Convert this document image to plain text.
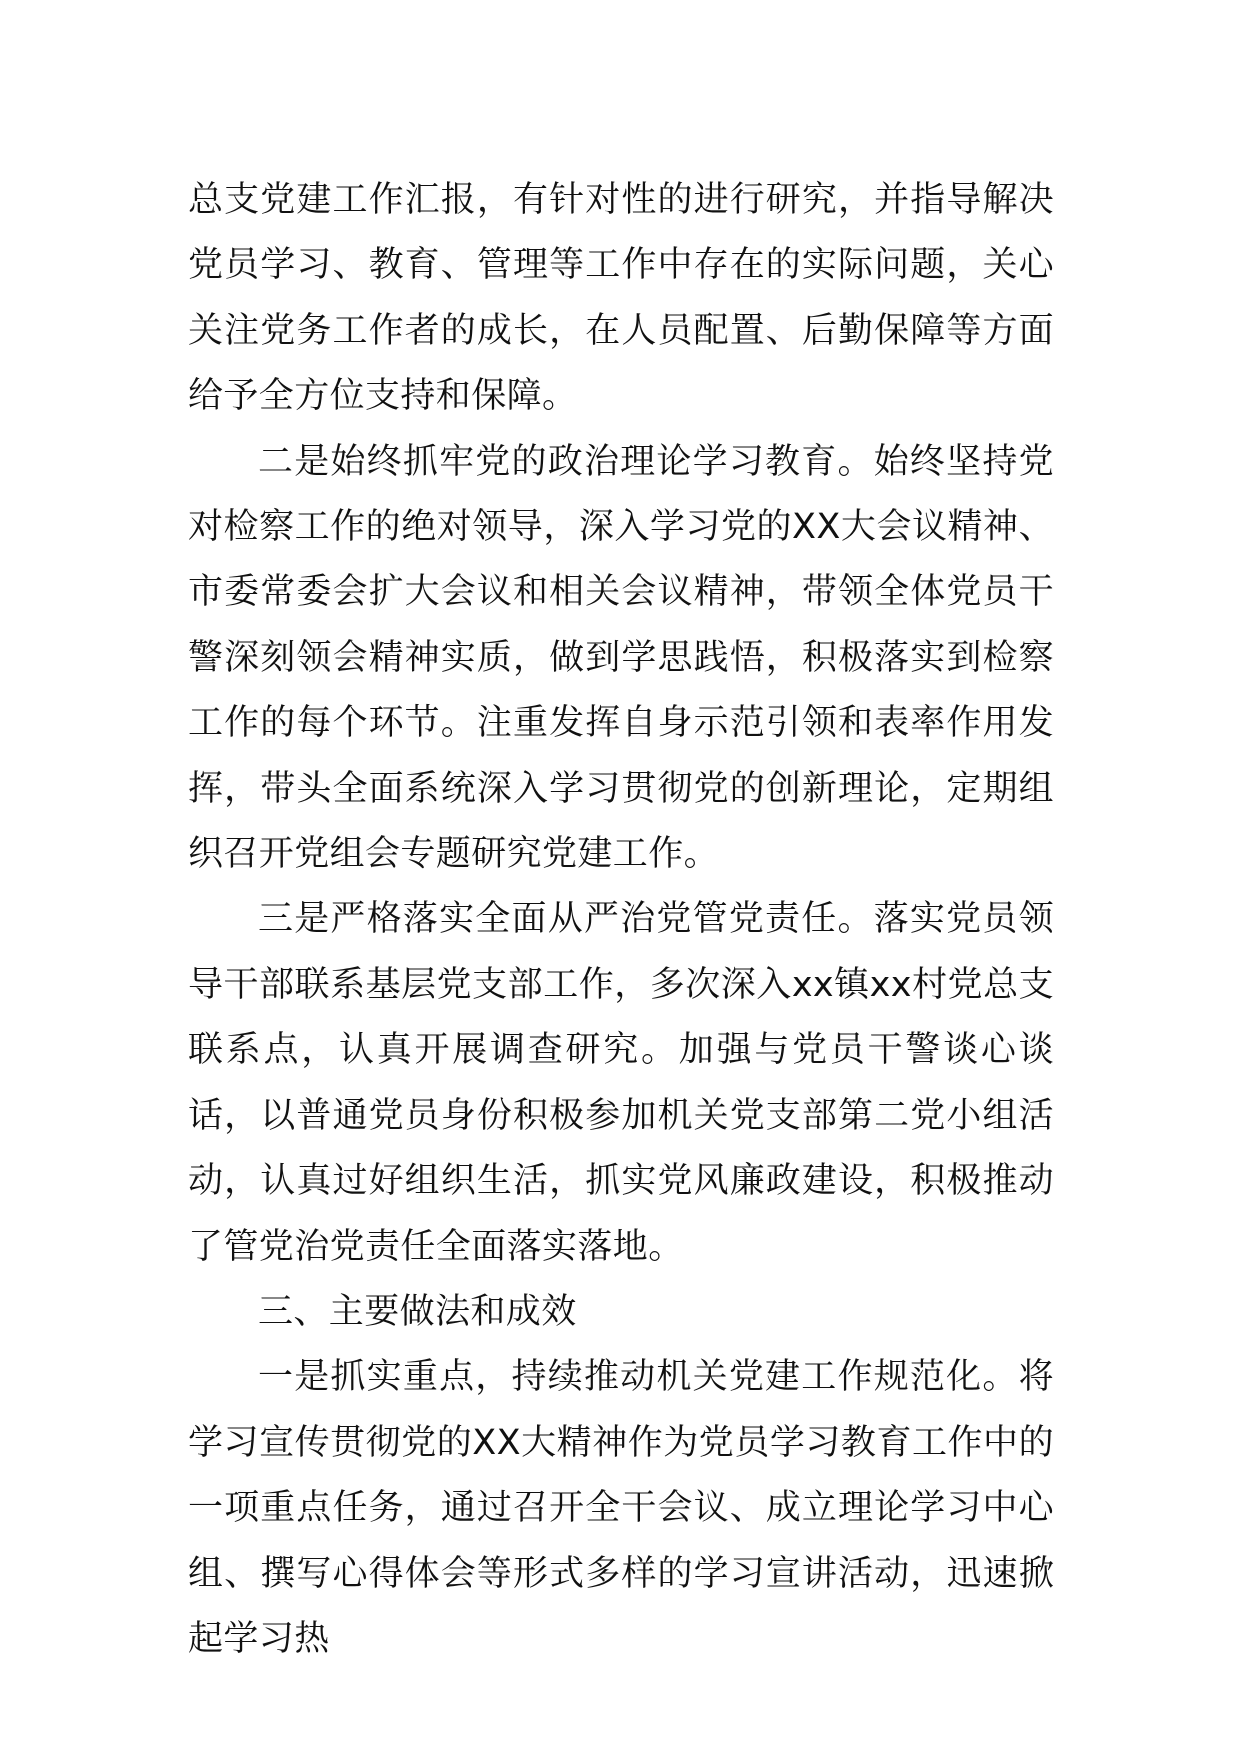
总支党建工作汇报，有针对性的进行研究，并指导解决党员学习、教育、管理等工作中存在的实际问题，关心关注党务工作者的成长，在人员配置、后勤保障等方面给予全方位支持和保障。

二是始终抓牢党的政治理论学习教育。始终坚持党对检察工作的绝对领导，深入学习党的XX大会议精神、市委常委会扩大会议和相关会议精神，带领全体党员干警深刻领会精神实质，做到学思践悟，积极落实到检察工作的每个环节。注重发挥自身示范引领和表率作用发挥，带头全面系统深入学习贯彻党的创新理论，定期组织召开党组会专题研究党建工作。

三是严格落实全面从严治党管党责任。落实党员领导干部联系基层党支部工作，多次深入xx镇xx村党总支联系点，认真开展调查研究。加强与党员干警谈心谈话，以普通党员身份积极参加机关党支部第二党小组活动，认真过好组织生活，抓实党风廉政建设，积极推动了管党治党责任全面落实落地。

三、主要做法和成效

一是抓实重点，持续推动机关党建工作规范化。将学习宣传贯彻党的XX大精神作为党员学习教育工作中的一项重点任务，通过召开全干会议、成立理论学习中心组、撰写心得体会等形式多样的学习宣讲活动，迅速掀起学习热
